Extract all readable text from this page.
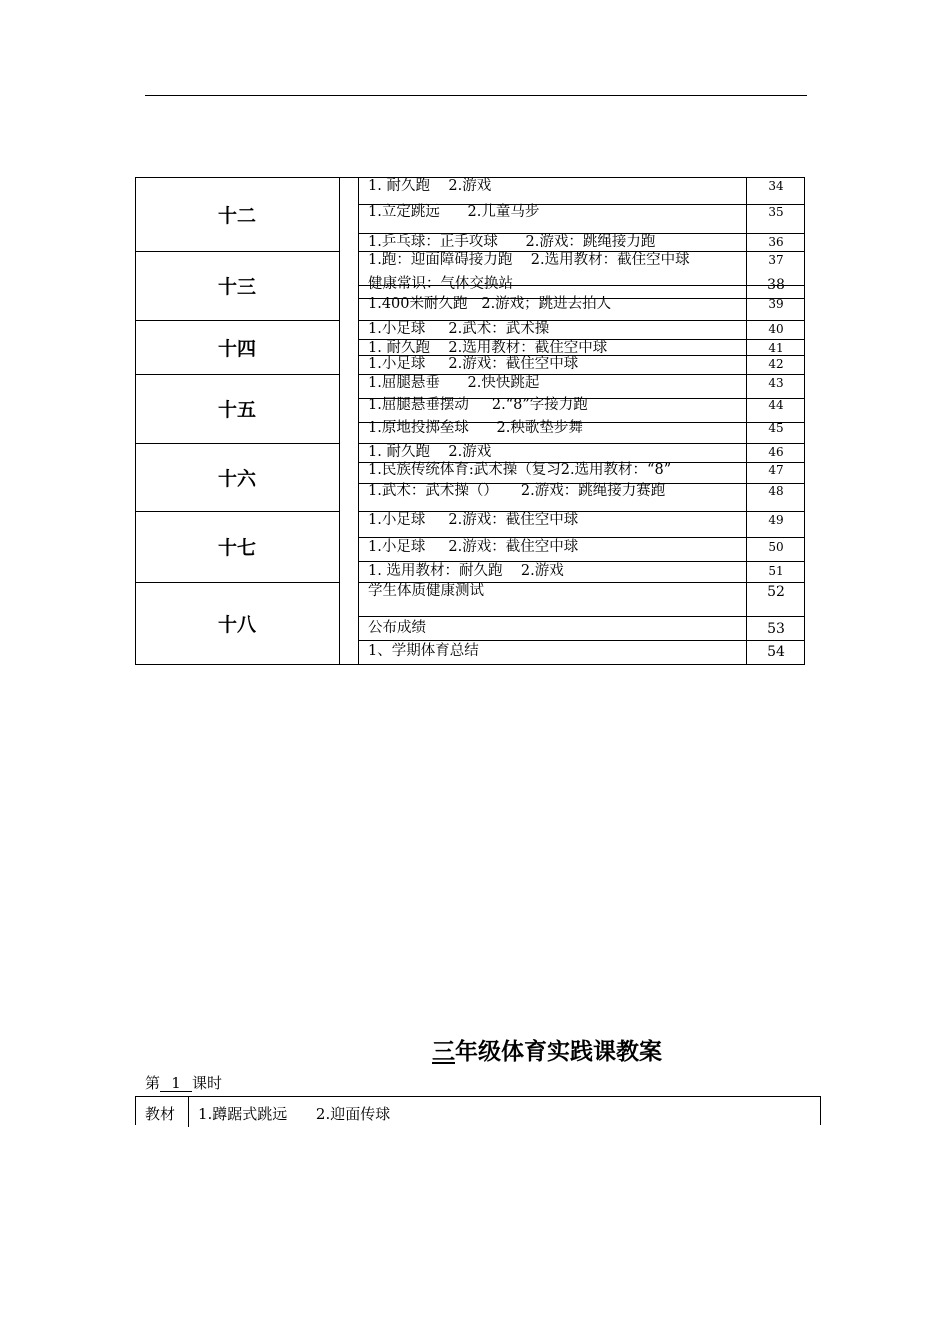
十二
1. 耐久跑    2.游戏	34
1.立定跳远      2.儿童马步	35
1.乒乓球：正手攻球      2.游戏：跳绳接力跑	36
十三
1.跑：迎面障碍接力跑    2.选用教材：截住空中球	37
健康常识：气体交换站	38
1.400米耐久跑   2.游戏；跳进去拍人	39
十四
1.小足球     2.武术：武术操	40
1. 耐久跑    2.选用教材：截住空中球	41
1.小足球     2.游戏：截住空中球	42
十五
1.屈腿悬垂      2.快快跳起	43
1.屈腿悬垂摆动     2.“8”字接力跑	44
1.原地投掷垒球      2.秧歌垫步舞	45
十六
1. 耐久跑    2.游戏	46
1.民族传统体育:武术操（复习2.选用教材：“8”	47
1.武术：武术操（）     2.游戏：跳绳接力赛跑	48
十七
1.小足球     2.游戏：截住空中球	49
1.小足球     2.游戏：截住空中球	50
1. 选用教材：耐久跑    2.游戏	51
十八
学生体质健康测试	52
公布成绩	53
1、学期体育总结	54
三年级体育实践课教案
第 1 课时
教材 1.蹲踞式跳远      2.迎面传球
